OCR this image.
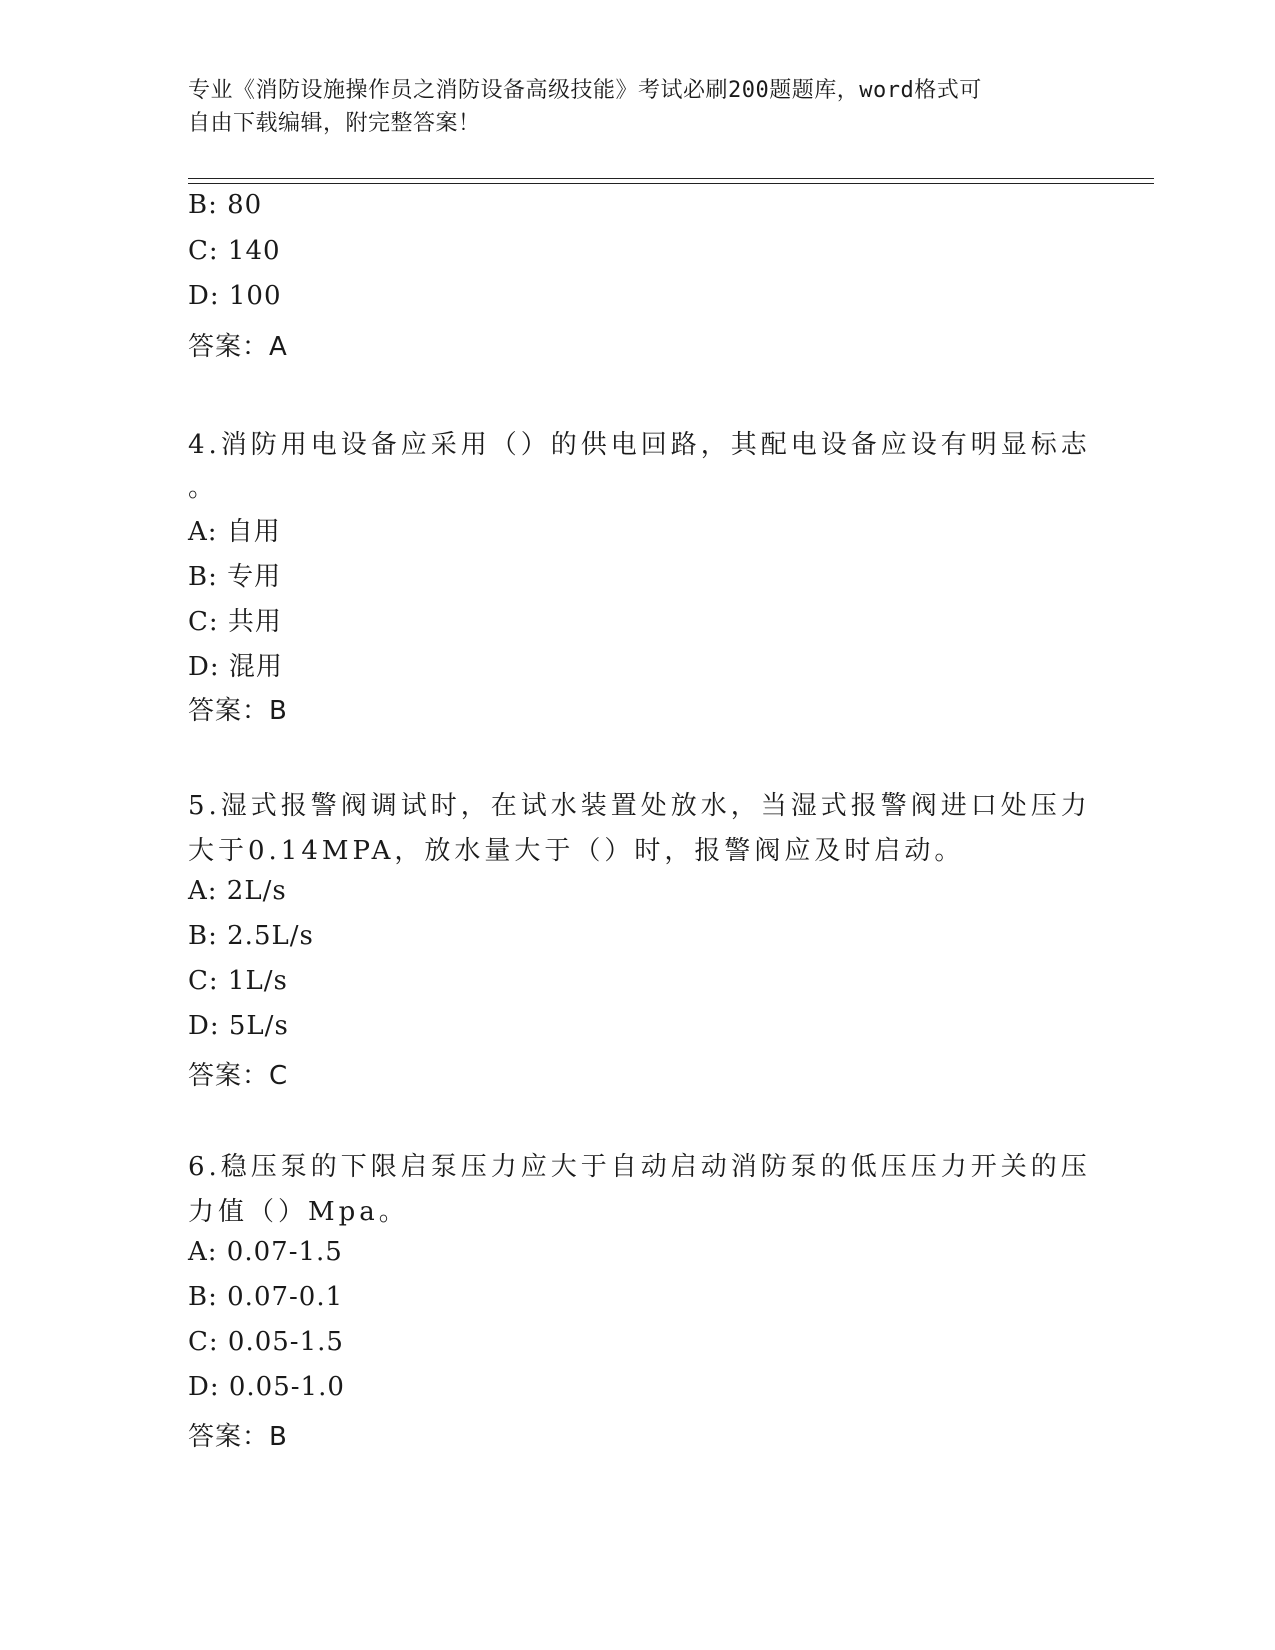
专业《消防设施操作员之消防设备高级技能》考试必刷200题题库，word格式可
自由下载编辑，附完整答案！
B: 80
C: 140
D: 100
答案：A
4.消防用电设备应采用（）的供电回路，其配电设备应设有明显标志
。
A: 自用
B: 专用
C: 共用
D: 混用
答案：B
5.湿式报警阀调试时，在试水装置处放水，当湿式报警阀进口处压力
大于0.14MPA，放水量大于（）时，报警阀应及时启动。
A: 2L/s
B: 2.5L/s
C: 1L/s
D: 5L/s
答案：C
6.稳压泵的下限启泵压力应大于自动启动消防泵的低压压力开关的压
力值（）Mpa。
A: 0.07-1.5
B: 0.07-0.1
C: 0.05-1.5
D: 0.05-1.0
答案：B
